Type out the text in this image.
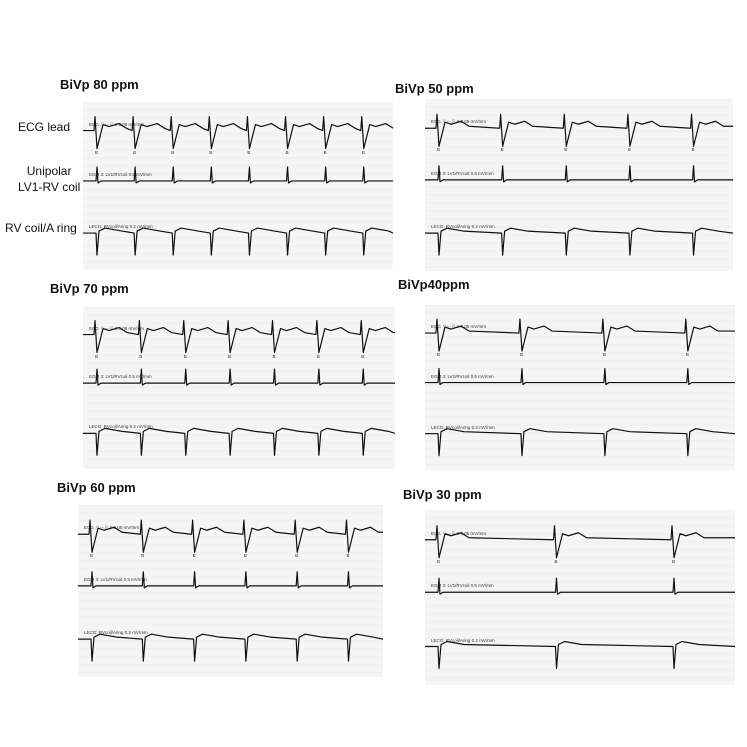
ECG lead
Unipolar
LV1-RV coil
RV coil/A ring
BiVp 80 ppm	BiVp 50 ppm
BiVp 70 ppm	BiVp40ppm
BiVp 60 ppm	BiVp 30 ppm
ECG リード II 0.05 mV/mm
EGM 3: LV1/RVcoil 0.5 mV/mm
LECG: RVcoil/Aring 0.2 mV/mm
B	B	B	B	B	B	B	B
ECG リード II 0.05 mV/mm
EGM 3: LV1/RVcoil 0.5 mV/mm
LECG: RVcoil/Aring 0.2 mV/mm
B	B	B	B	B
ECG リード II 0.05 mV/mm
EGM 3: LV1/RVcoil 0.5 mV/mm
LECG: RVcoil/Aring 0.2 mV/mm
B	B	B	B	B	B	B
ECG リード II 0.05 mV/mm
EGM 3: LV1/RVcoil 0.5 mV/mm
LECG: RVcoil/Aring 0.2 mV/mm
B	B	B	B
ECG リード II 0.05 mV/mm
EGM 3: LV1/RVcoil 0.5 mV/mm
LECG: RVcoil/Aring 0.2 mV/mm
B	B	B	B	B	B
ECG リード II 0.05 mV/mm
EGM 3: LV1/RVcoil 0.5 mV/mm
LECG: RVcoil/Aring 0.2 mV/mm
B	B	B
